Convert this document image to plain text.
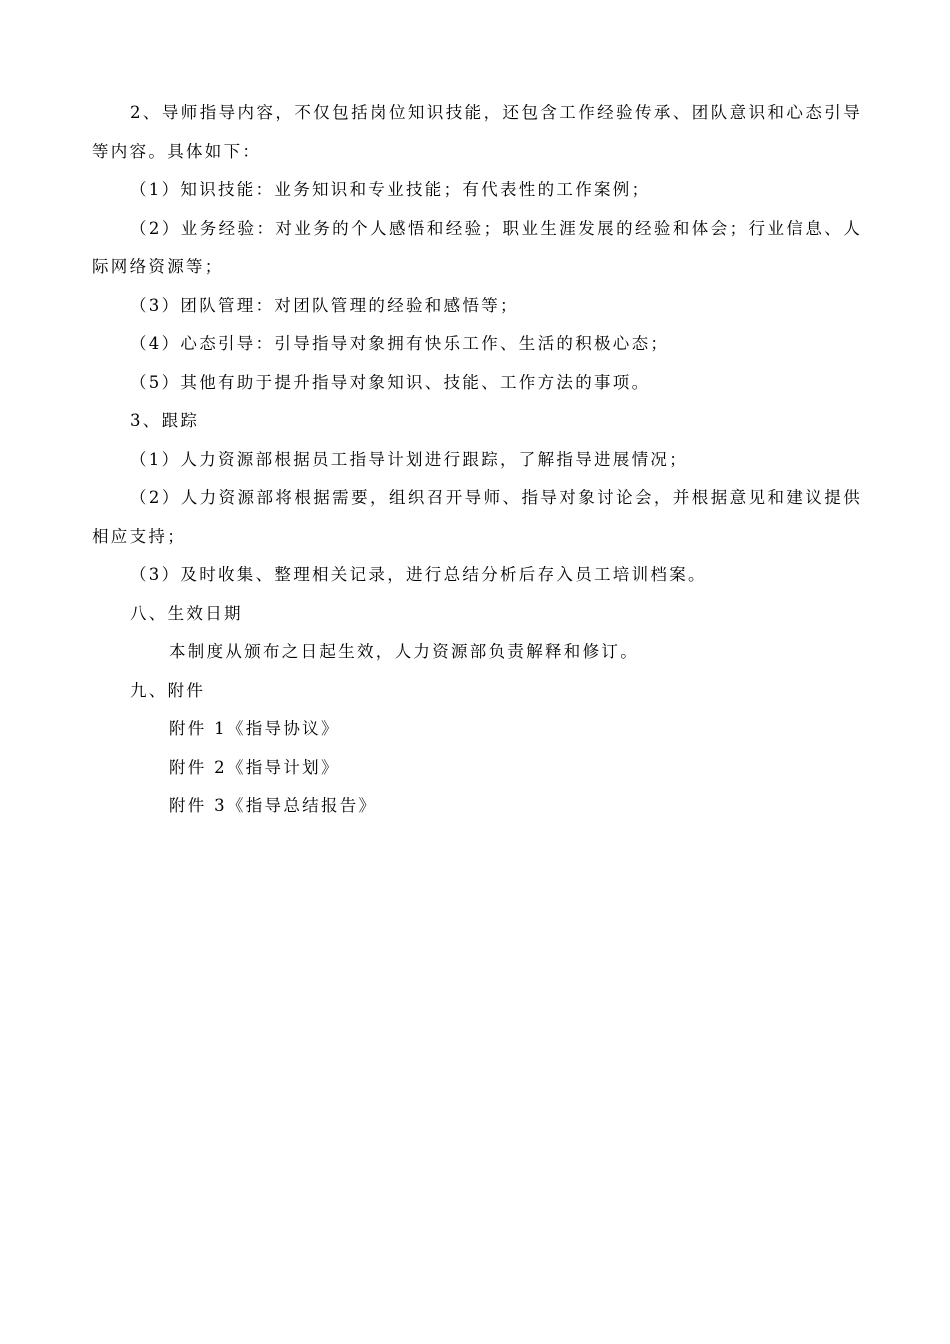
2、导师指导内容，不仅包括岗位知识技能，还包含工作经验传承、团队意识和心态引导等内容。具体如下：

（1）知识技能：业务知识和专业技能；有代表性的工作案例；

（2）业务经验：对业务的个人感悟和经验；职业生涯发展的经验和体会；行业信息、人际网络资源等；

（3）团队管理：对团队管理的经验和感悟等；

（4）心态引导：引导指导对象拥有快乐工作、生活的积极心态；

（5）其他有助于提升指导对象知识、技能、工作方法的事项。

3、跟踪

（1）人力资源部根据员工指导计划进行跟踪，了解指导进展情况；

（2）人力资源部将根据需要，组织召开导师、指导对象讨论会，并根据意见和建议提供相应支持；

（3）及时收集、整理相关记录，进行总结分析后存入员工培训档案。

八、生效日期

本制度从颁布之日起生效，人力资源部负责解释和修订。

九、附件

附件 1《指导协议》

附件 2《指导计划》

附件 3《指导总结报告》
